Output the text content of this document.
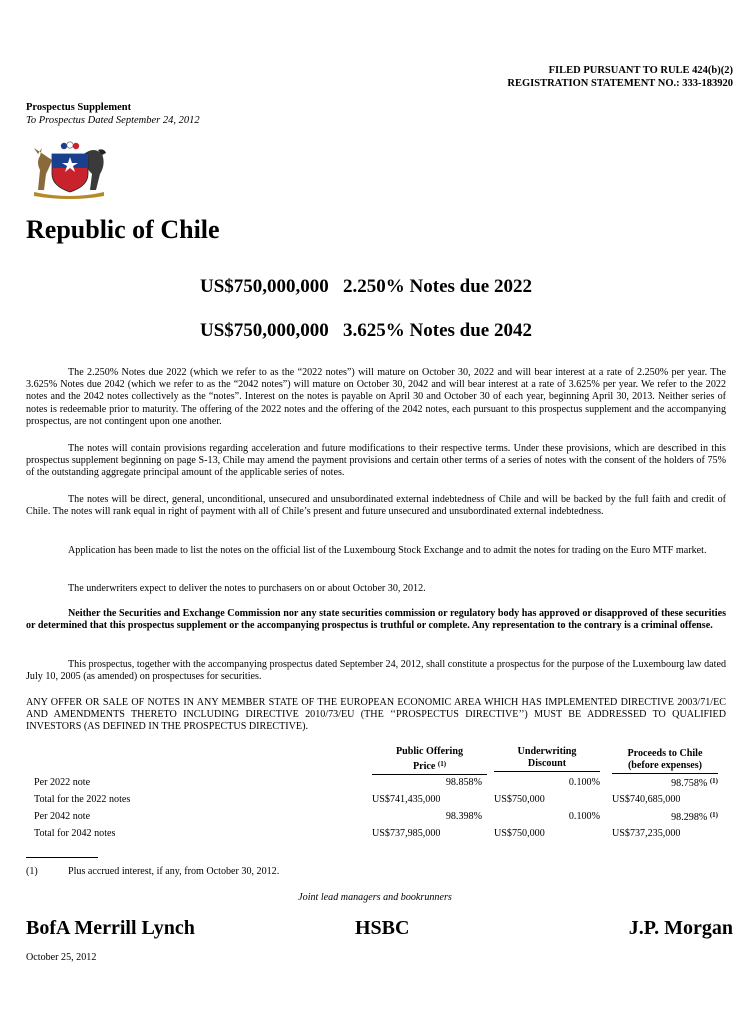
FILED PURSUANT TO RULE 424(b)(2)
REGISTRATION STATEMENT NO.: 333-183920
Prospectus Supplement
To Prospectus Dated September 24, 2012
Republic of Chile
US$750,000,000   2.250% Notes due 2022
US$750,000,000   3.625% Notes due 2042

The 2.250% Notes due 2022 (which we refer to as the “2022 notes”) will mature on October 30, 2022 and will bear interest at a rate of 2.250% per year. The 3.625% Notes due 2042 (which we refer to as the “2042 notes”) will mature on October 30, 2042 and will bear interest at a rate of 3.625% per year. We refer to the 2022 notes and the 2042 notes collectively as the “notes”. Interest on the notes is payable on April 30 and October 30 of each year, beginning April 30, 2013. Neither series of notes is redeemable prior to maturity. The offering of the 2022 notes and the offering of the 2042 notes, each pursuant to this prospectus supplement and the accompanying prospectus, are not contingent upon one another.

The notes will contain provisions regarding acceleration and future modifications to their respective terms. Under these provisions, which are described in this prospectus supplement beginning on page S-13, Chile may amend the payment provisions and certain other terms of a series of notes with the consent of the holders of 75% of the outstanding aggregate principal amount of the applicable series of notes.

The notes will be direct, general, unconditional, unsecured and unsubordinated external indebtedness of Chile and will be backed by the full faith and credit of Chile. The notes will rank equal in right of payment with all of Chile’s present and future unsecured and unsubordinated external indebtedness.

Application has been made to list the notes on the official list of the Luxembourg Stock Exchange and to admit the notes for trading on the Euro MTF market.

The underwriters expect to deliver the notes to purchasers on or about October 30, 2012.

Neither the Securities and Exchange Commission nor any state securities commission or regulatory body has approved or disapproved of these securities or determined that this prospectus supplement or the accompanying prospectus is truthful or complete. Any representation to the contrary is a criminal offense.

This prospectus, together with the accompanying prospectus dated September 24, 2012, shall constitute a prospectus for the purpose of the Luxembourg law dated July 10, 2005 (as amended) on prospectuses for securities.

ANY OFFER OR SALE OF NOTES IN ANY MEMBER STATE OF THE EUROPEAN ECONOMIC AREA WHICH HAS IMPLEMENTED DIRECTIVE 2003/71/EC AND AMENDMENTS THERETO INCLUDING DIRECTIVE 2010/73/EU (THE ‘‘PROSPECTUS DIRECTIVE’’) MUST BE ADDRESSED TO QUALIFIED INVESTORS (AS DEFINED IN THE PROSPECTUS DIRECTIVE).
Public Offering
Price $^{(1)}$
Underwriting
Discount
Proceeds to Chile
(before expenses)
Per 2022 note	98.858%	0.100%	98.758% $^{(1)}$
Total for the 2022 notes	US$741,435,000	US$750,000	US$740,685,000
Per 2042 note	98.398%	0.100%	98.298% $^{(1)}$
Total for 2042 notes	US$737,985,000	US$750,000	US$737,235,000
(1)	Plus accrued interest, if any, from October 30, 2012.
Joint lead managers and bookrunners
BofA Merrill Lynch	HSBC	J.P. Morgan
October 25, 2012
